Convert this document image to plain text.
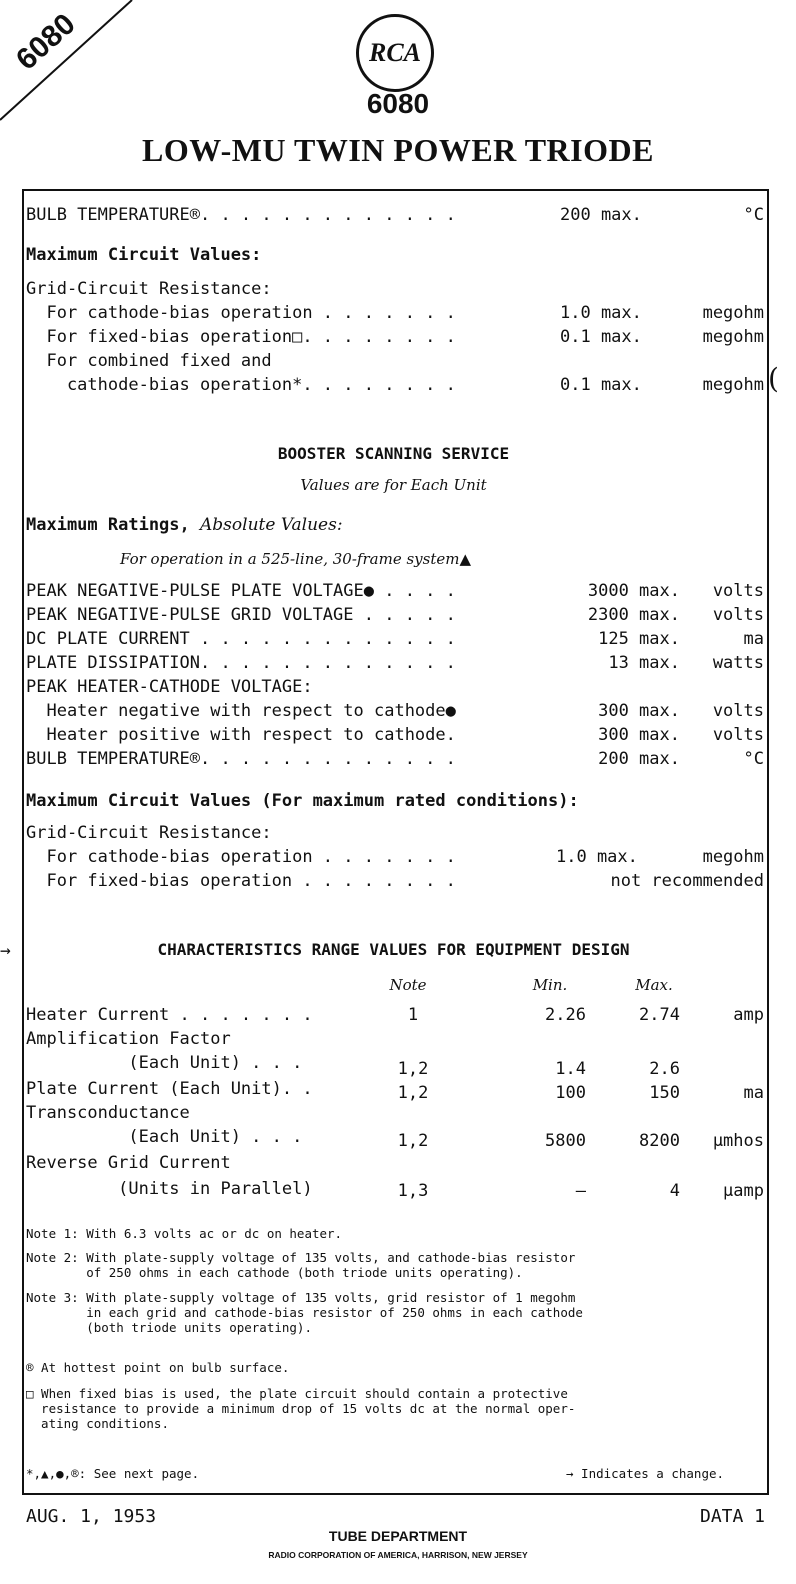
6080	RCA
6080
LOW-MU TWIN POWER TRIODE
(
BULB TEMPERATURE®. . . . . . . . . . . . .	200 max.	°C
Maximum Circuit Values:
Grid-Circuit Resistance:
For cathode-bias operation . . . . . . .	1.0 max.	megohm
For fixed-bias operation□. . . . . . . .	0.1 max.	megohm
For combined fixed and
cathode-bias operation*. . . . . . . .	0.1 max.	megohm
BOOSTER SCANNING SERVICE
Values are for Each Unit
Maximum Ratings, Absolute Values:
For operation in a 525-line, 30-frame system▲
PEAK NEGATIVE-PULSE PLATE VOLTAGE● . . . .	3000 max.	volts
PEAK NEGATIVE-PULSE GRID VOLTAGE . . . . .	2300 max.	volts
DC PLATE CURRENT . . . . . . . . . . . . .	125 max.	ma
PLATE DISSIPATION. . . . . . . . . . . . .	13 max.	watts
PEAK HEATER-CATHODE VOLTAGE:
Heater negative with respect to cathode●	300 max.	volts
Heater positive with respect to cathode.	300 max.	volts
BULB TEMPERATURE®. . . . . . . . . . . . .	200 max.	°C
Maximum Circuit Values (For maximum rated conditions):
Grid-Circuit Resistance:
For cathode-bias operation . . . . . . .	1.0 max.	megohm
For fixed-bias operation . . . . . . . .	not recommended
→	CHARACTERISTICS RANGE VALUES FOR EQUIPMENT DESIGN
Note	Min.	Max.
Heater Current . . . . . . .	1	2.26	2.74	amp
Amplification Factor
(Each Unit) . . .	1,2	1.4	2.6
Plate Current (Each Unit). .	1,2	100	150	ma
Transconductance
(Each Unit) . . .	1,2	5800	8200	µmhos
Reverse Grid Current
(Units in Parallel)	1,3	–	4	µamp
Note 1: With 6.3 volts ac or dc on heater.
Note 2: With plate-supply voltage of 135 volts, and cathode-bias resistor
of 250 ohms in each cathode (both triode units operating).
Note 3: With plate-supply voltage of 135 volts, grid resistor of 1 megohm
in each grid and cathode-bias resistor of 250 ohms in each cathode
(both triode units operating).
® At hottest point on bulb surface.
□ When fixed bias is used, the plate circuit should contain a protective
resistance to provide a minimum drop of 15 volts dc at the normal oper-
ating conditions.
*,▲,●,®: See next page.	→ Indicates a change.
AUG. 1, 1953	DATA 1
TUBE DEPARTMENT
RADIO CORPORATION OF AMERICA, HARRISON, NEW JERSEY
